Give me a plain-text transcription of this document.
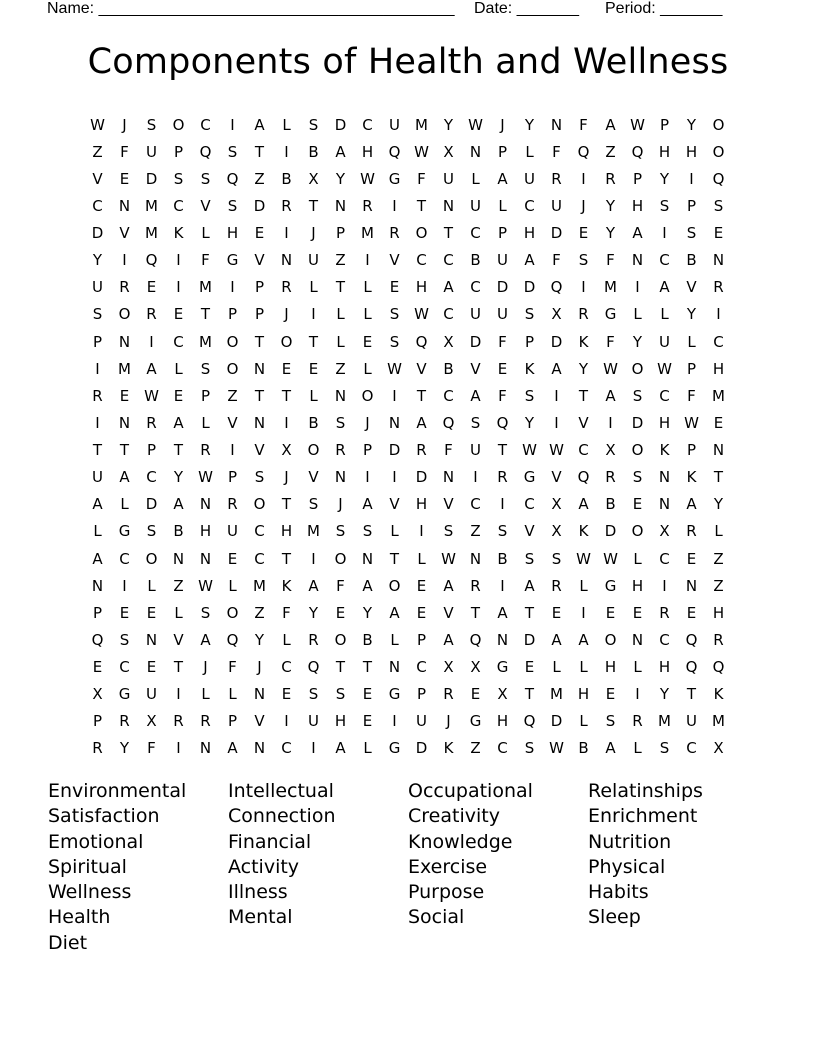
Name: ________________________________________ Date: _______ Period: _______
Components of Health and Wellness
W	J	S	O	C	I	A	L	S	D	C	U	M	Y	W	J	Y	N	F	A W	P	Y	O
Z	F	U	P	Q	S	T	I	B	A	H	Q W X	N	P	L	F	Q	Z	Q	H	H	O
V	E	D	S	S	Q	Z	B	X	Y	W G	F	U	L	A	U	R	I	R	P	Y	I	Q
C	N M	C	V	S	D	R	T	N	R	I	T	N	U	L	C	U	J	Y	H	S	P	S
D	V	M	K	L	H	E	I	J	P	M	R	O	T	C	P	H	D	E	Y	A	I	S	E
Y	I	Q	I	F	G	V	N	U	Z	I	V	C	C	B	U	A	F	S	F	N	C	B	N
U	R	E	I	M	I	P	R	L	T	L	E	H	A	C	D	D	Q	I	M	I	A	V	R
S	O	R	E	T	P	P	J	I	L	L	S W C	U	U	S	X	R	G	L	L	Y	I
P	N	I	C	M O	T	O	T	L	E	S	Q	X	D	F	P	D	K	F	Y	U	L	C
I	M	A	L	S	O	N	E	E	Z	L	W V	B	V	E	K	A	Y	W O W	P	H
R	E W E	P	Z	T	T	L	N	O	I	T	C	A	F	S	I	T	A	S	C	F	M
I	N	R	A	L	V	N	I	B	S	J	N	A	Q	S	Q	Y	I	V	I	D	H W E
T	T	P	T	R	I	V	X	O	R	P	D	R	F	U	T	W W C	X	O	K	P	N
U	A	C	Y	W	P	S	J	V	N	I	I	D	N	I	R	G	V	Q	R	S	N	K	T
A	L	D	A	N	R	O	T	S	J	A	V	H	V	C	I	C	X	A	B	E	N	A	Y
L	G	S	B	H	U	C	H M	S	S	L	I	S	Z	S	V	X	K	D	O	X	R	L
A	C	O	N	N	E	C	T	I	O	N	T	L	W N	B	S	S W W	L	C	E	Z
N	I	L	Z W	L	M	K	A	F	A	O	E	A	R	I	A	R	L	G	H	I	N	Z
P	E	E	L	S	O	Z	F	Y	E	Y	A	E	V	T	A	T	E	I	E	E	R	E	H
Q	S	N	V	A	Q	Y	L	R	O	B	L	P	A	Q	N	D	A	A	O	N	C	Q	R
E	C	E	T	J	F	J	C	Q	T	T	N	C	X	X	G	E	L	L	H	L	H	Q	Q
X	G	U	I	L	L	N	E	S	S	E	G	P	R	E	X	T	M H	E	I	Y	T	K
P	R	X	R	R	P	V	I	U	H	E	I	U	J	G	H	Q	D	L	S	R	M	U	M
R	Y	F	I	N	A	N	C	I	A	L	G	D	K	Z	C	S W B	A	L	S	C	X
Environmental	Intellectual	Occupational	Relatinships
Satisfaction	Connection	Creativity	Enrichment
Emotional	Financial	Knowledge	Nutrition
Spiritual	Activity	Exercise	Physical
Wellness	Illness	Purpose	Habits
Health	Mental	Social	Sleep
Diet
